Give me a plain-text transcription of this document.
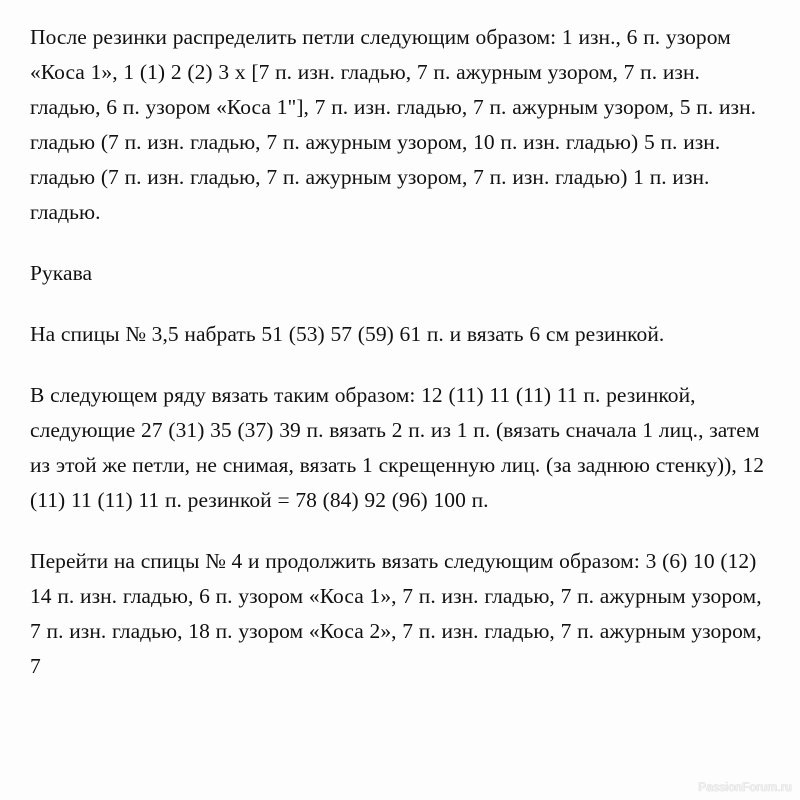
После резинки распределить петли следующим образом: 1 изн., 6 п. узором «Коса 1», 1 (1) 2 (2) 3 х [7 п. изн. гладью, 7 п. ажурным узором, 7 п. изн. гладью, 6 п. узором «Коса 1"], 7 п. изн. гладью, 7 п. ажурным узором, 5 п. изн. гладью (7 п. изн. гладью, 7 п. ажурным узором, 10 п. изн. гладью) 5 п. изн. гладью (7 п. изн. гладью, 7 п. ажурным узором, 7 п. изн. гладью) 1 п. изн. гладью.

Рукава

На спицы № 3,5 набрать 51 (53) 57 (59) 61 п. и вязать 6 см резинкой.

В следующем ряду вязать таким образом: 12 (11) 11 (11) 11 п. резинкой, следующие 27 (31) 35 (37) 39 п. вязать 2 п. из 1 п. (вязать сначала 1 лиц., затем из этой же петли, не снимая, вязать 1 скрещенную лиц. (за заднюю стенку)), 12 (11) 11 (11) 11 п. резинкой = 78 (84) 92 (96) 100 п.

Перейти на спицы № 4 и продолжить вязать следующим образом: 3 (6) 10 (12) 14 п. изн. гладью, 6 п. узором «Коса 1», 7 п. изн. гладью, 7 п. ажурным узором, 7 п. изн. гладью, 18 п. узором «Коса 2», 7 п. изн. гладью, 7 п. ажурным узором, 7

PassionForum.ru
